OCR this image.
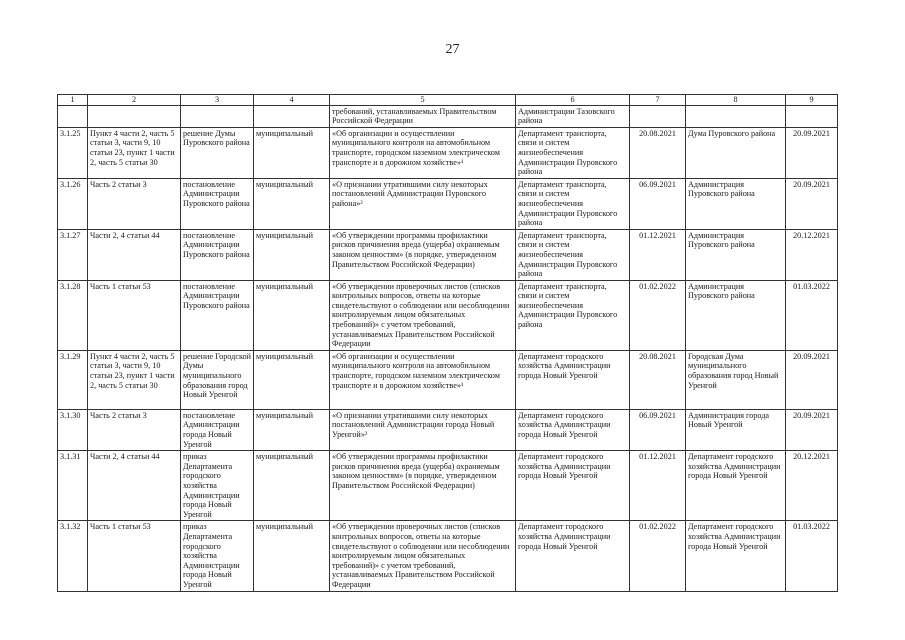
27
1	2	3	4	5	6	7	8	9
				требований, устанавливаемых Правительством Российской Федерации	Администрации Тазовского района			
3.1.25	Пункт 4 части 2, часть 5 статьи 3, части 9, 10 статьи 23, пункт 1 части 2, часть 5 статьи 30	решение Думы Пуровского района	муниципальный	«Об организации и осуществлении муниципального контроля на автомобильном транспорте, городском наземном электрическом транспорте и в дорожном хозяйстве»¹	Департамент транспорта, связи и систем жизнеобеспечения Администрации Пуровского района	20.08.2021	Дума Пуровского района	20.09.2021
3.1.26	Часть 2 статьи 3	постановление Администрации Пуровского района	муниципальный	«О признании утратившими силу некоторых постановлений Администрации Пуровского района»²	Департамент транспорта, связи и систем жизнеобеспечения Администрации Пуровского района	06.09.2021	Администрация Пуровского района	20.09.2021
3.1.27	Части 2, 4 статьи 44	постановление Администрации Пуровского района	муниципальный	«Об утверждении программы профилактики рисков причинения вреда (ущерба) охраняемым законом ценностям» (в порядке, утвержденном Правительством Российской Федерации)	Департамент транспорта, связи и систем жизнеобеспечения Администрации Пуровского района	01.12.2021	Администрация Пуровского района	20.12.2021
3.1.28	Часть 1 статьи 53	постановление Администрации Пуровского района	муниципальный	«Об утверждении проверочных листов (списков контрольных вопросов, ответы на которые свидетельствуют о соблюдении или несоблюдении контролируемым лицом обязательных требований)» с учетом требований, устанавливаемых Правительством Российской Федерации	Департамент транспорта, связи и систем жизнеобеспечения Администрации Пуровского района	01.02.2022	Администрация Пуровского района	01.03.2022
3.1.29	Пункт 4 части 2, часть 5 статьи 3, части 9, 10 статьи 23, пункт 1 части 2, часть 5 статьи 30	решение Городской Думы муниципального образования город Новый Уренгой	муниципальный	«Об организации и осуществлении муниципального контроля на автомобильном транспорте, городском наземном электрическом транспорте и в дорожном хозяйстве»¹	Департамент городского хозяйства Администрации города Новый Уренгой	20.08.2021	Городская Дума муниципального образования город Новый Уренгой	20.09.2021
3.1.30	Часть 2 статьи 3	постановление Администрации города Новый Уренгой	муниципальный	«О признании утратившими силу некоторых постановлений Администрации города Новый Уренгой»²	Департамент городского хозяйства Администрации города Новый Уренгой	06.09.2021	Администрация города Новый Уренгой	20.09.2021
3.1.31	Части 2, 4 статьи 44	приказ Департамента городского хозяйства Администрации города Новый Уренгой	муниципальный	«Об утверждении программы профилактики рисков причинения вреда (ущерба) охраняемым законом ценностям» (в порядке, утвержденном Правительством Российской Федерации)	Департамент городского хозяйства Администрации города Новый Уренгой	01.12.2021	Департамент городского хозяйства Администрации города Новый Уренгой	20.12.2021
3.1.32	Часть 1 статьи 53	приказ Департамента городского хозяйства Администрации города Новый Уренгой	муниципальный	«Об утверждении проверочных листов (списков контрольных вопросов, ответы на которые свидетельствуют о соблюдении или несоблюдении контролируемым лицом обязательных требований)» с учетом требований, устанавливаемых Правительством Российской Федерации	Департамент городского хозяйства Администрации города Новый Уренгой	01.02.2022	Департамент городского хозяйства Администрации города Новый Уренгой	01.03.2022
